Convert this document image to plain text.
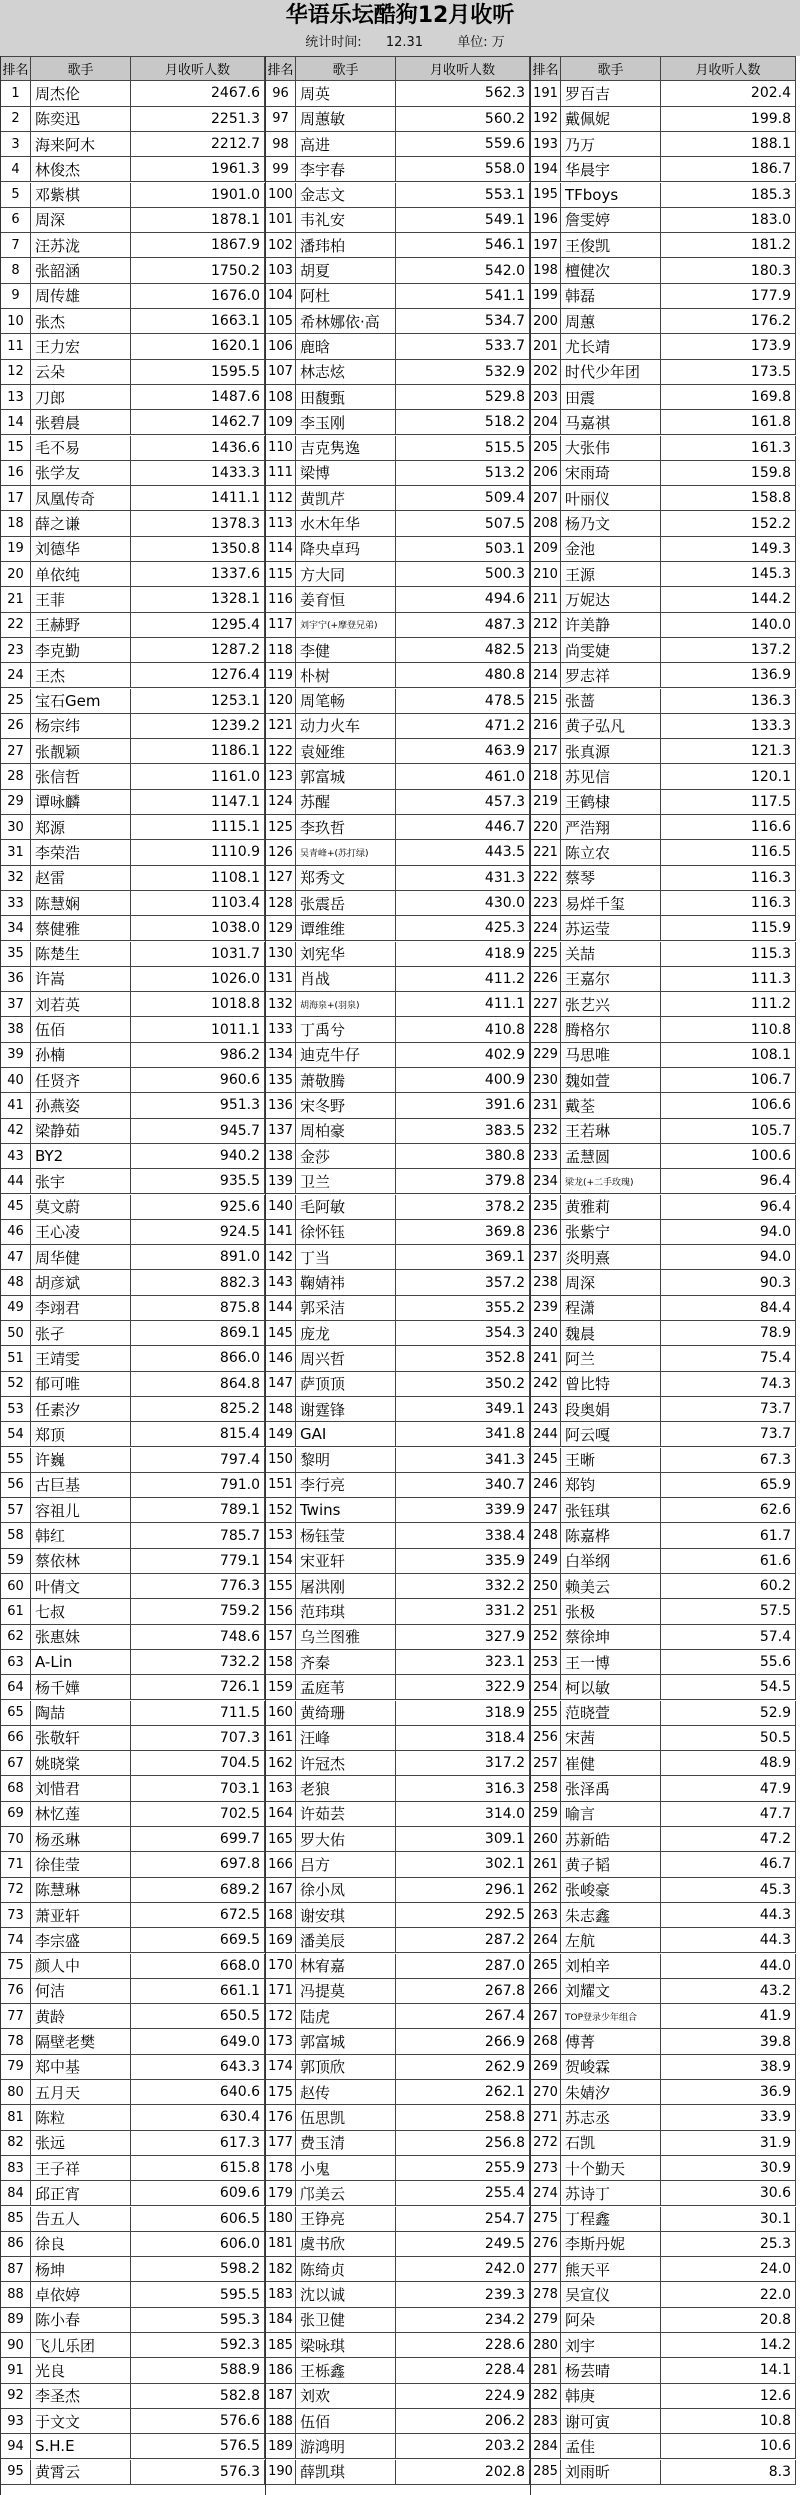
华语乐坛酷狗12月收听
统计时间: 12.31	单位: 万
排名	歌手	月收听人数
1	周杰伦	2467.6
2	陈奕迅	2251.3
3	海来阿木	2212.7
4	林俊杰	1961.3
5	邓紫棋	1901.0
6	周深	1878.1
7	汪苏泷	1867.9
8	张韶涵	1750.2
9	周传雄	1676.0
10 张杰	1663.1
11 王力宏	1620.1
12 云朵	1595.5
13 刀郎	1487.6
14 张碧晨	1462.7
15 毛不易	1436.6
16 张学友	1433.3
17 凤凰传奇	1411.1
18 薛之谦	1378.3
19 刘德华	1350.8
20 单依纯	1337.6
21 王菲	1328.1
22 王赫野	1295.4
23 李克勤	1287.2
24 王杰	1276.4
25 宝石Gem	1253.1
26 杨宗纬	1239.2
27 张靓颖	1186.1
28 张信哲	1161.0
29 谭咏麟	1147.1
30 郑源	1115.1
31 李荣浩	1110.9
32 赵雷	1108.1
33 陈慧娴	1103.4
34 蔡健雅	1038.0
35 陈楚生	1031.7
36 许嵩	1026.0
37 刘若英	1018.8
38 伍佰	1011.1
39 孙楠	986.2
40 任贤齐	960.6
41 孙燕姿	951.3
42 梁静茹	945.7
43 BY2	940.2
44 张宇	935.5
45 莫文蔚	925.6
46 王心凌	924.5
47 周华健	891.0
48 胡彦斌	882.3
49 李翊君	875.8
50 张孑	869.1
51 王靖雯	866.0
52 郁可唯	864.8
53 任素汐	825.2
54 郑顶	815.4
55 许巍	797.4
56 古巨基	791.0
57 容祖儿	789.1
58 韩红	785.7
59 蔡依林	779.1
60 叶倩文	776.3
61 七叔	759.2
62 张惠妹	748.6
63 A-Lin	732.2
64 杨千嬅	726.1
65 陶喆	711.5
66 张敬轩	707.3
67 姚晓棠	704.5
68 刘惜君	703.1
69 林忆莲	702.5
70 杨丞琳	699.7
71 徐佳莹	697.8
72 陈慧琳	689.2
73 萧亚轩	672.5
74 李宗盛	669.5
75 颜人中	668.0
76 何洁	661.1
77 黄龄	650.5
78 隔壁老樊	649.0
79 郑中基	643.3
80 五月天	640.6
81 陈粒	630.4
82 张远	617.3
83 王子祥	615.8
84 邱正宵	609.6
85 告五人	606.5
86 徐良	606.0
87 杨坤	598.2
88 卓依婷	595.5
89 陈小春	595.3
90 飞儿乐团	592.3
91 光良	588.9
92 李圣杰	582.8
93 于文文	576.6
94 S.H.E	576.5
95 黄霄云	576.3
排名	歌手	月收听人数
96 周英	562.3
97 周蕙敏	560.2
98 高进	559.6
99 李宇春	558.0
100 金志文	553.1
101 韦礼安	549.1
102 潘玮柏	546.1
103 胡夏	542.0
104 阿杜	541.1
105 希林娜依·高	534.7
106 鹿晗	533.7
107 林志炫	532.9
108 田馥甄	529.8
109 李玉刚	518.2
110 吉克隽逸	515.5
111 梁博	513.2
112 黄凯芹	509.4
113 水木年华	507.5
114 降央卓玛	503.1
115 方大同	500.3
116 姜育恒	494.6
117 刘宇宁(+摩登兄弟)	487.3
118 李健	482.5
119 朴树	480.8
120 周笔畅	478.5
121 动力火车	471.2
122 袁娅维	463.9
123 郭富城	461.0
124 苏醒	457.3
125 李玖哲	446.7
126 吴青峰+(苏打绿)	443.5
127 郑秀文	431.3
128 张震岳	430.0
129 谭维维	425.3
130 刘宪华	418.9
131 肖战	411.2
132 胡海泉+(羽泉)	411.1
133 丁禹兮	410.8
134 迪克牛仔	402.9
135 萧敬腾	400.9
136 宋冬野	391.6
137 周柏豪	383.5
138 金莎	380.8
139 卫兰	379.8
140 毛阿敏	378.2
141 徐怀钰	369.8
142 丁当	369.1
143 鞠婧祎	357.2
144 郭采洁	355.2
145 庞龙	354.3
146 周兴哲	352.8
147 萨顶顶	350.2
148 谢霆锋	349.1
149 GAI	341.8
150 黎明	341.3
151 李行亮	340.7
152 Twins	339.9
153 杨钰莹	338.4
154 宋亚轩	335.9
155 屠洪刚	332.2
156 范玮琪	331.2
157 乌兰图雅	327.9
158 齐秦	323.1
159 孟庭苇	322.9
160 黄绮珊	318.9
161 汪峰	318.4
162 许冠杰	317.2
163 老狼	316.3
164 许茹芸	314.0
165 罗大佑	309.1
166 吕方	302.1
167 徐小凤	296.1
168 谢安琪	292.5
169 潘美辰	287.2
170 林宥嘉	287.0
171 冯提莫	267.8
172 陆虎	267.4
173 郭富城	266.9
174 郭顶欣	262.9
175 赵传	262.1
176 伍思凯	258.8
177 费玉清	256.8
178 小鬼	255.9
179 邝美云	255.4
180 王铮亮	254.7
181 虞书欣	249.5
182 陈绮贞	242.0
183 沈以诚	239.3
184 张卫健	234.2
185 梁咏琪	228.6
186 王栎鑫	228.4
187 刘欢	224.9
188 伍佰	206.2
189 游鸿明	203.2
190 薛凯琪	202.8
排名	歌手	月收听人数
191 罗百吉	202.4
192 戴佩妮	199.8
193 乃万	188.1
194 华晨宇	186.7
195 TFboys	185.3
196 詹雯婷	183.0
197 王俊凯	181.2
198 檀健次	180.3
199 韩磊	177.9
200 周蕙	176.2
201 尤长靖	173.9
202 时代少年团	173.5
203 田震	169.8
204 马嘉祺	161.8
205 大张伟	161.3
206 宋雨琦	159.8
207 叶丽仪	158.8
208 杨乃文	152.2
209 金池	149.3
210 王源	145.3
211 万妮达	144.2
212 许美静	140.0
213 尚雯婕	137.2
214 罗志祥	136.9
215 张蔷	136.3
216 黄子弘凡	133.3
217 张真源	121.3
218 苏见信	120.1
219 王鹤棣	117.5
220 严浩翔	116.6
221 陈立农	116.5
222 蔡琴	116.3
223 易烊千玺	116.3
224 苏运莹	115.9
225 关喆	115.3
226 王嘉尔	111.3
227 张艺兴	111.2
228 腾格尔	110.8
229 马思唯	108.1
230 魏如萱	106.7
231 戴荃	106.6
232 王若琳	105.7
233 孟慧圆	100.6
234 梁龙(+二手玫瑰)	96.4
235 黄雅莉	96.4
236 张紫宁	94.0
237 炎明熹	94.0
238 周深	90.3
239 程潇	84.4
240 魏晨	78.9
241 阿兰	75.4
242 曾比特	74.3
243 段奥娟	73.7
244 阿云嘎	73.7
245 王晰	67.3
246 郑钧	65.9
247 张钰琪	62.6
248 陈嘉桦	61.7
249 白举纲	61.6
250 赖美云	60.2
251 张极	57.5
252 蔡徐坤	57.4
253 王一博	55.6
254 柯以敏	54.5
255 范晓萱	52.9
256 宋茜	50.5
257 崔健	48.9
258 张泽禹	47.9
259 喻言	47.7
260 苏新皓	47.2
261 黄子韬	46.7
262 张峻豪	45.3
263 朱志鑫	44.3
264 左航	44.3
265 刘柏辛	44.0
266 刘耀文	43.2
267 TOP登录少年组合	41.9
268 傅菁	39.8
269 贺峻霖	38.9
270 朱婧汐	36.9
271 苏志丞	33.9
272 石凯	31.9
273 十个勤天	30.9
274 苏诗丁	30.6
275 丁程鑫	30.1
276 李斯丹妮	25.3
277 熊天平	24.0
278 吴宣仪	22.0
279 阿朵	20.8
280 刘宇	14.2
281 杨芸晴	14.1
282 韩庚	12.6
283 谢可寅	10.8
284 孟佳	10.6
285 刘雨昕	8.3
